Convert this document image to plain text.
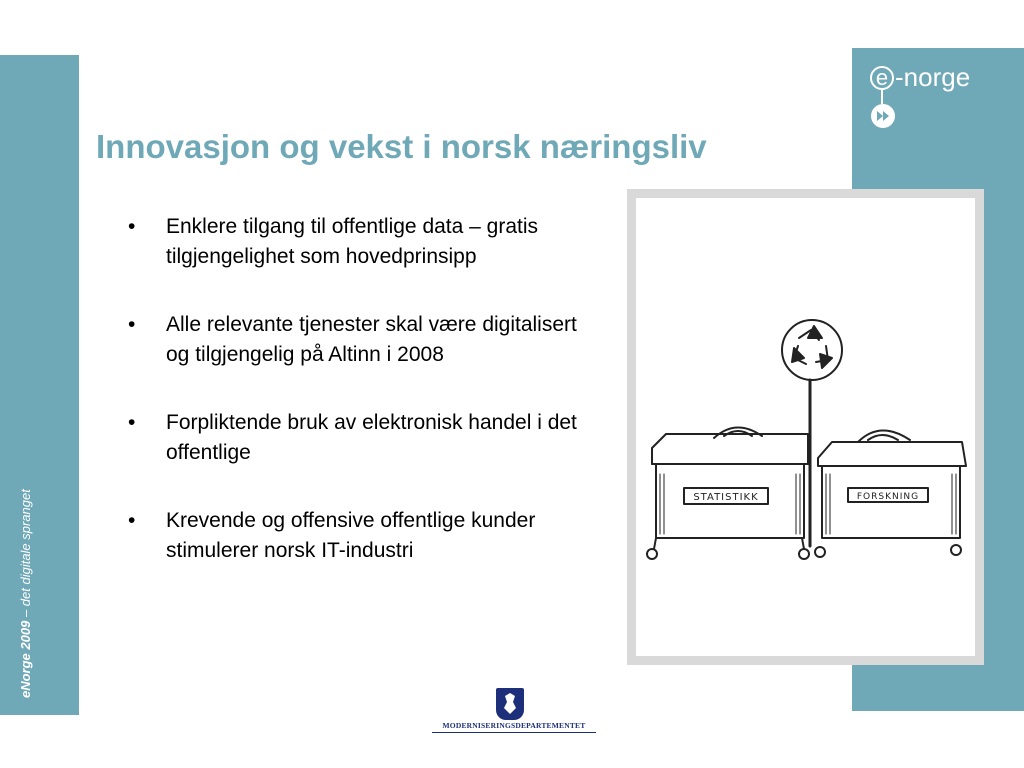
eNorge 2009 – det digitale spranget
e -norge
Innovasjon og vekst i norsk næringsliv
• Enklere tilgang til offentlige data – gratis tilgjengelighet som hovedprinsipp
• Alle relevante tjenester skal være digitalisert og tilgjengelig på Altinn i 2008
• Forpliktende bruk av elektronisk handel i det offentlige
• Krevende og offensive offentlige kunder stimulerer norsk IT-industri
STATISTIKK	FORSKNING
MODERNISERINGSDEPARTEMENTET
